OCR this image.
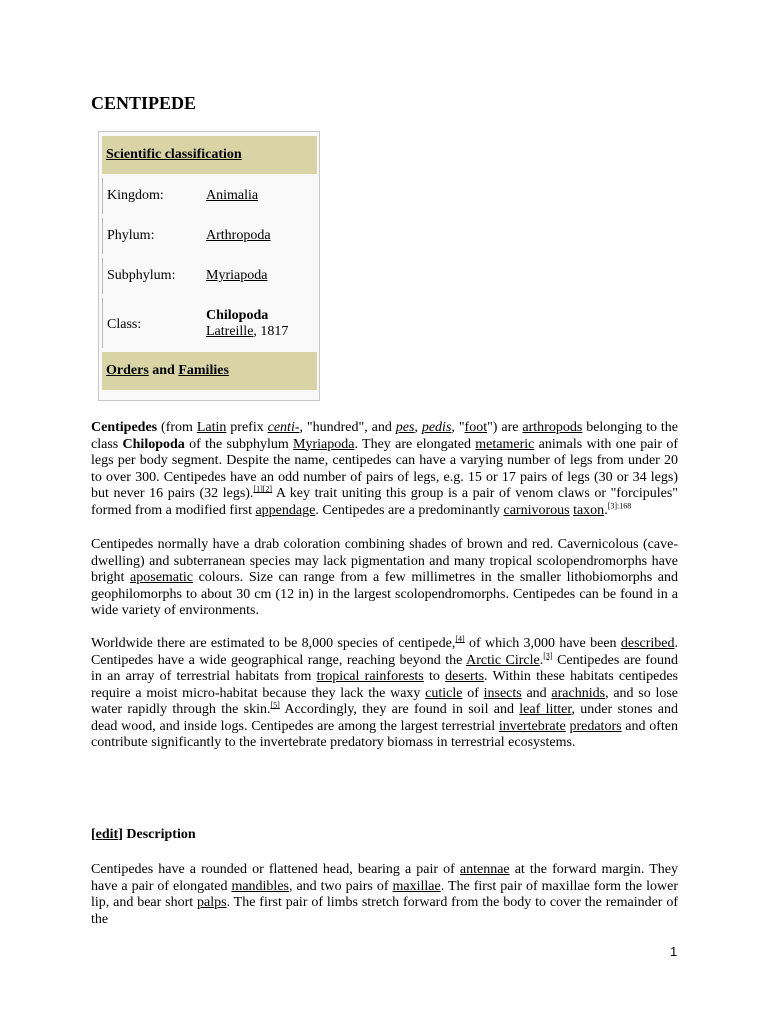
CENTIPEDE
Scientific classification
Kingdom:	Animalia
Phylum:	Arthropoda
Subphylum: Myriapoda
Class:
Chilopoda
Latreille, 1817
Orders and Families

Centipedes (from Latin prefix centi-, "hundred", and pes, pedis, "foot") are arthropods belonging to the class Chilopoda of the subphylum Myriapoda. They are elongated metameric animals with one pair of legs per body segment. Despite the name, centipedes can have a varying number of legs from under 20 to over 300. Centipedes have an odd number of pairs of legs, e.g. 15 or 17 pairs of legs (30 or 34 legs) but never 16 pairs (32 legs).[1][2] A key trait uniting this group is a pair of venom claws or "forcipules" formed from a modified first appendage. Centipedes are a predominantly carnivorous taxon.$^{[3]:168}$

Centipedes normally have a drab coloration combining shades of brown and red. Cavernicolous (cave-dwelling) and subterranean species may lack pigmentation and many tropical scolopendromorphs have bright aposematic colours. Size can range from a few millimetres in the smaller lithobiomorphs and geophilomorphs to about 30 cm (12 in) in the largest scolopendromorphs. Centipedes can be found in a wide variety of environments.

Worldwide there are estimated to be 8,000 species of centipede,[4] of which 3,000 have been described. Centipedes have a wide geographical range, reaching beyond the Arctic Circle.[3] Centipedes are found in an array of terrestrial habitats from tropical rainforests to deserts. Within these habitats centipedes require a moist micro-habitat because they lack the waxy cuticle of insects and arachnids, and so lose water rapidly through the skin.[5] Accordingly, they are found in soil and leaf litter, under stones and dead wood, and inside logs. Centipedes are among the largest terrestrial invertebrate predators and often contribute significantly to the invertebrate predatory biomass in terrestrial ecosystems.

[edit] Description

Centipedes have a rounded or flattened head, bearing a pair of antennae at the forward margin. They have a pair of elongated mandibles, and two pairs of maxillae. The first pair of maxillae form the lower lip, and bear short palps. The first pair of limbs stretch forward from the body to cover the remainder of the

1
